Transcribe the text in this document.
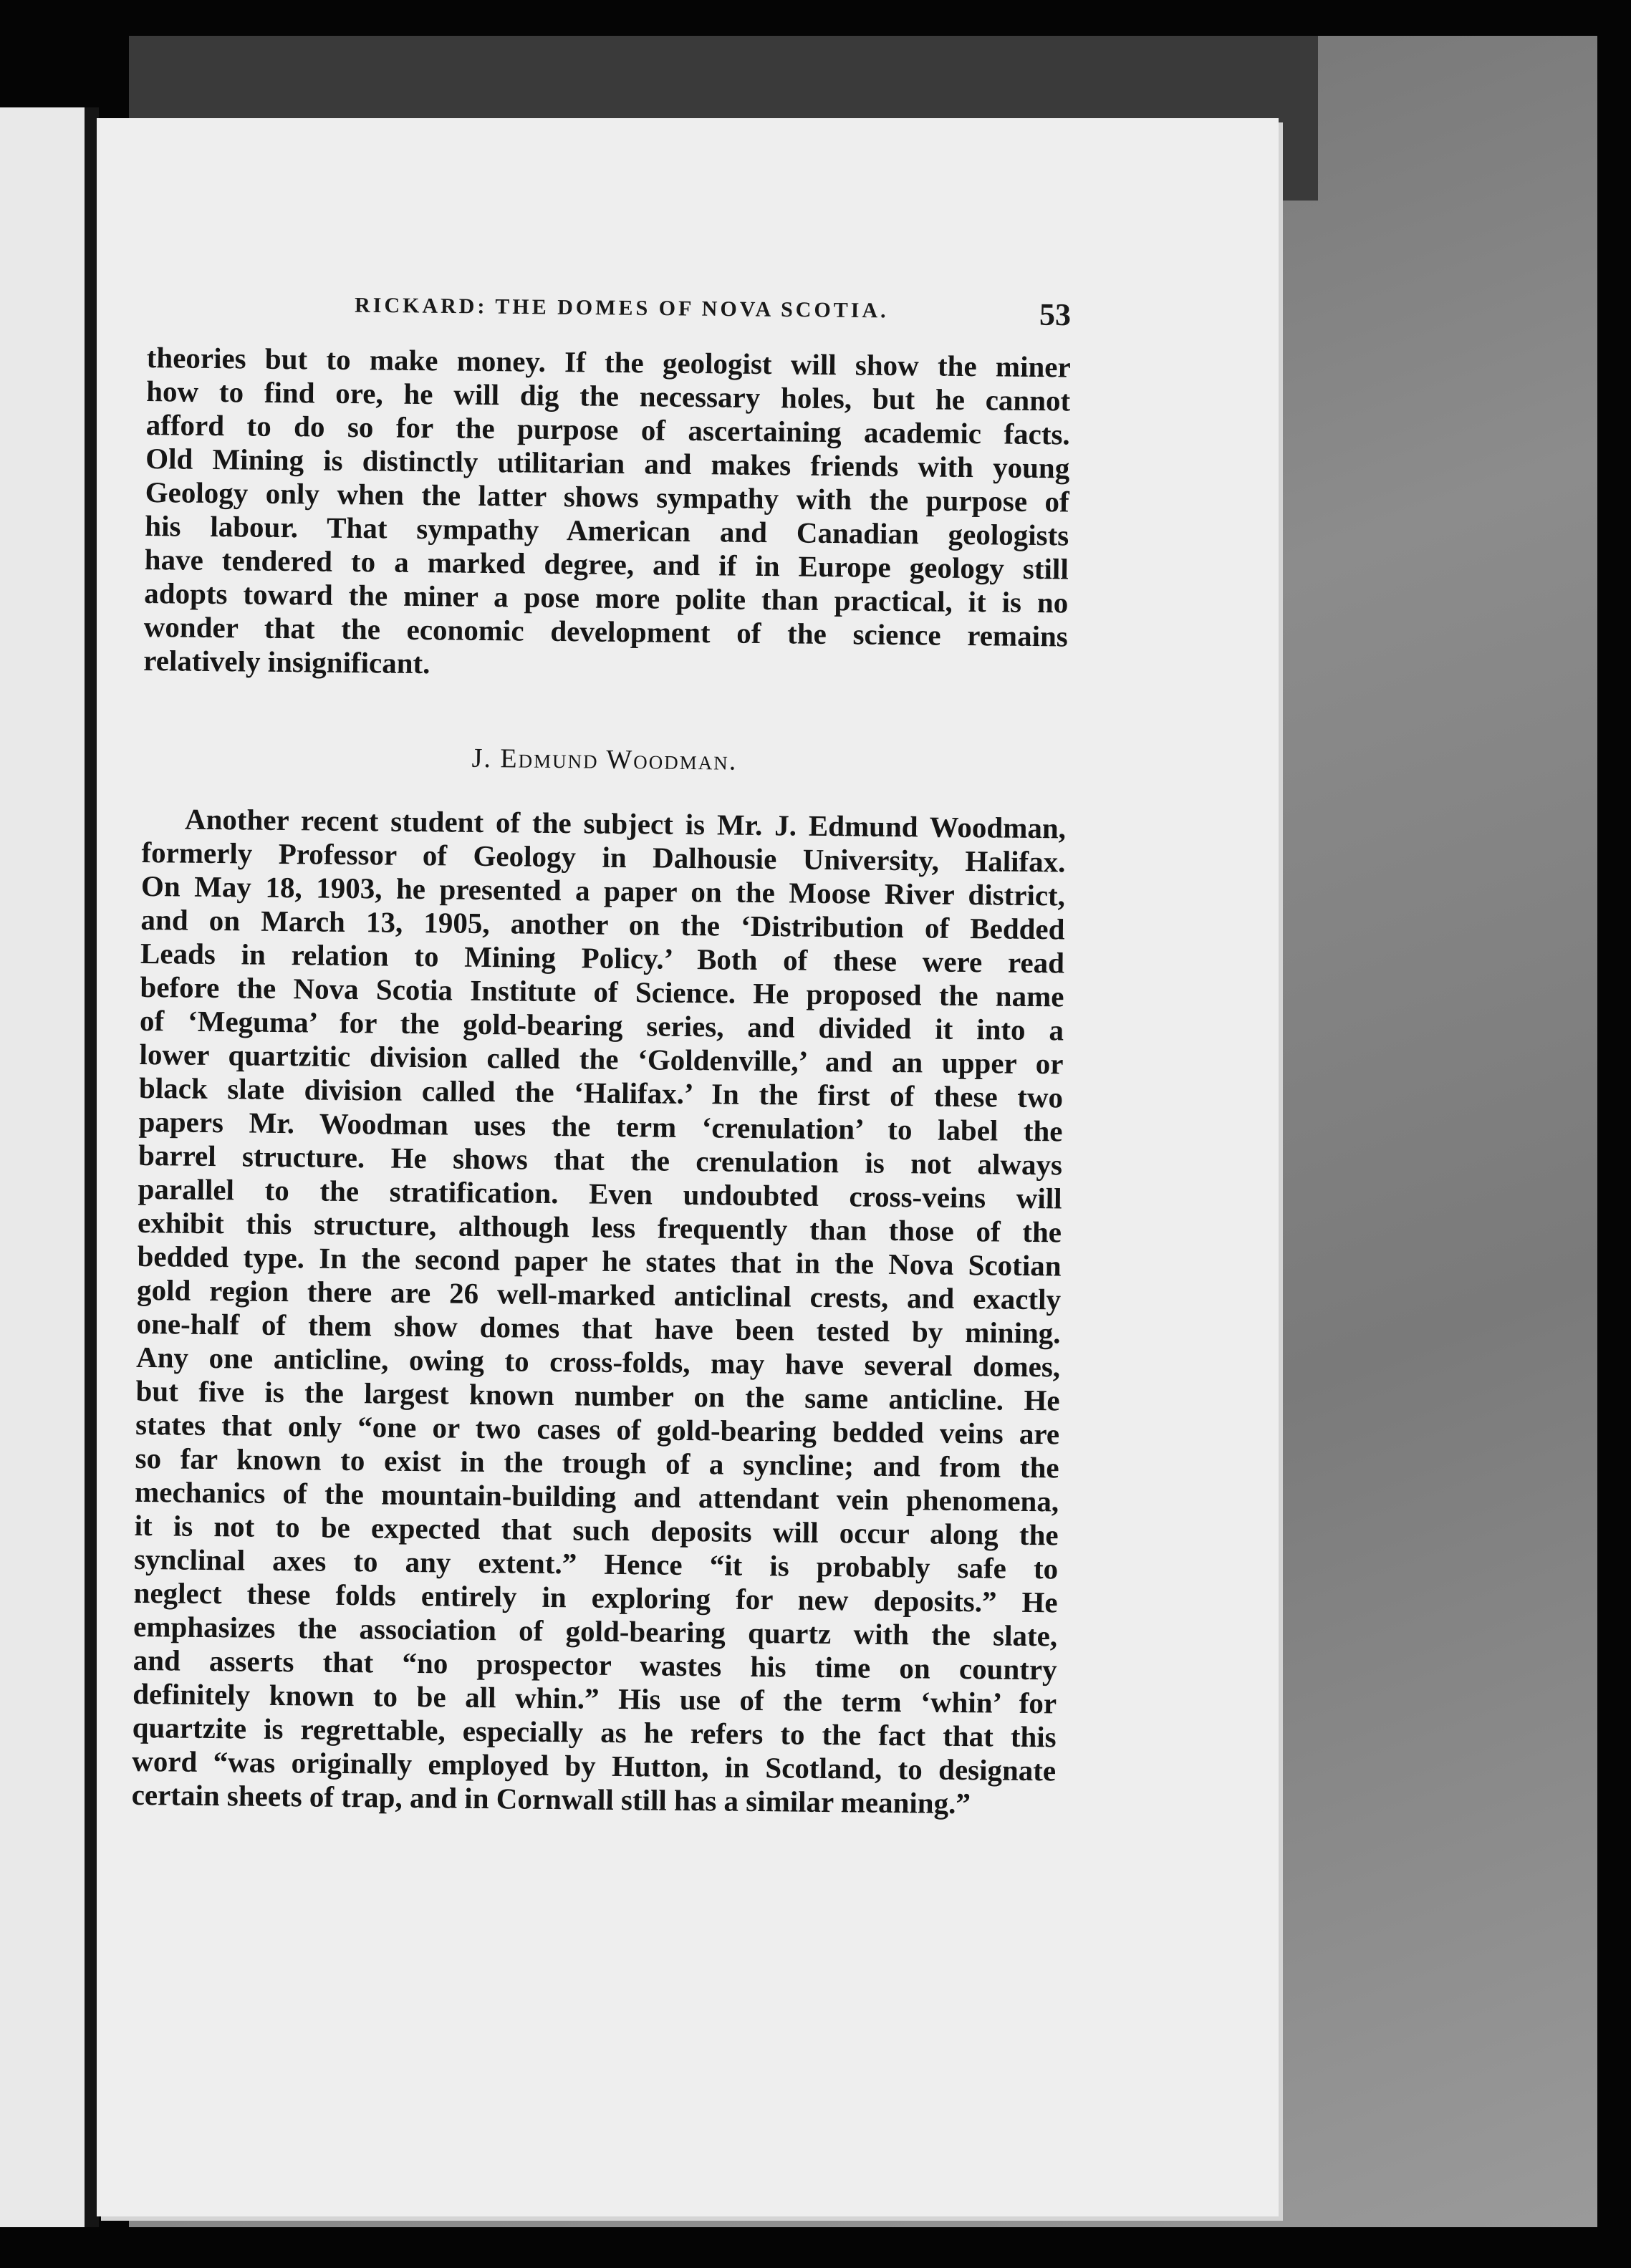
RICKARD: THE DOMES OF NOVA SCOTIA.	53
theories but to make money. If the geologist will show the miner
how to find ore, he will dig the necessary holes, but he cannot
afford to do so for the purpose of ascertaining academic facts.
Old Mining is distinctly utilitarian and makes friends with young
Geology only when the latter shows sympathy with the purpose of
his labour. That sympathy American and Canadian geologists
have tendered to a marked degree, and if in Europe geology still
adopts toward the miner a pose more polite than practical, it is no
wonder that the economic development of the science remains
relatively insignificant.
J. Edmund Woodman.
Another recent student of the subject is Mr. J. Edmund Woodman,
formerly Professor of Geology in Dalhousie University, Halifax.
On May 18, 1903, he presented a paper on the Moose River district,
and on March 13, 1905, another on the ‘Distribution of Bedded
Leads in relation to Mining Policy.’ Both of these were read
before the Nova Scotia Institute of Science. He proposed the name
of ‘Meguma’ for the gold-bearing series, and divided it into a
lower quartzitic division called the ‘Goldenville,’ and an upper or
black slate division called the ‘Halifax.’ In the first of these two
papers Mr. Woodman uses the term ‘crenulation’ to label the
barrel structure. He shows that the crenulation is not always
parallel to the stratification. Even undoubted cross-veins will
exhibit this structure, although less frequently than those of the
bedded type. In the second paper he states that in the Nova Scotian
gold region there are 26 well-marked anticlinal crests, and exactly
one-half of them show domes that have been tested by mining.
Any one anticline, owing to cross-folds, may have several domes,
but five is the largest known number on the same anticline. He
states that only “one or two cases of gold-bearing bedded veins are
so far known to exist in the trough of a syncline; and from the
mechanics of the mountain-building and attendant vein phenomena,
it is not to be expected that such deposits will occur along the
synclinal axes to any extent.” Hence “it is probably safe to
neglect these folds entirely in exploring for new deposits.” He
emphasizes the association of gold-bearing quartz with the slate,
and asserts that “no prospector wastes his time on country
definitely known to be all whin.” His use of the term ‘whin’ for
quartzite is regrettable, especially as he refers to the fact that this
word “was originally employed by Hutton, in Scotland, to designate
certain sheets of trap, and in Cornwall still has a similar meaning.”
